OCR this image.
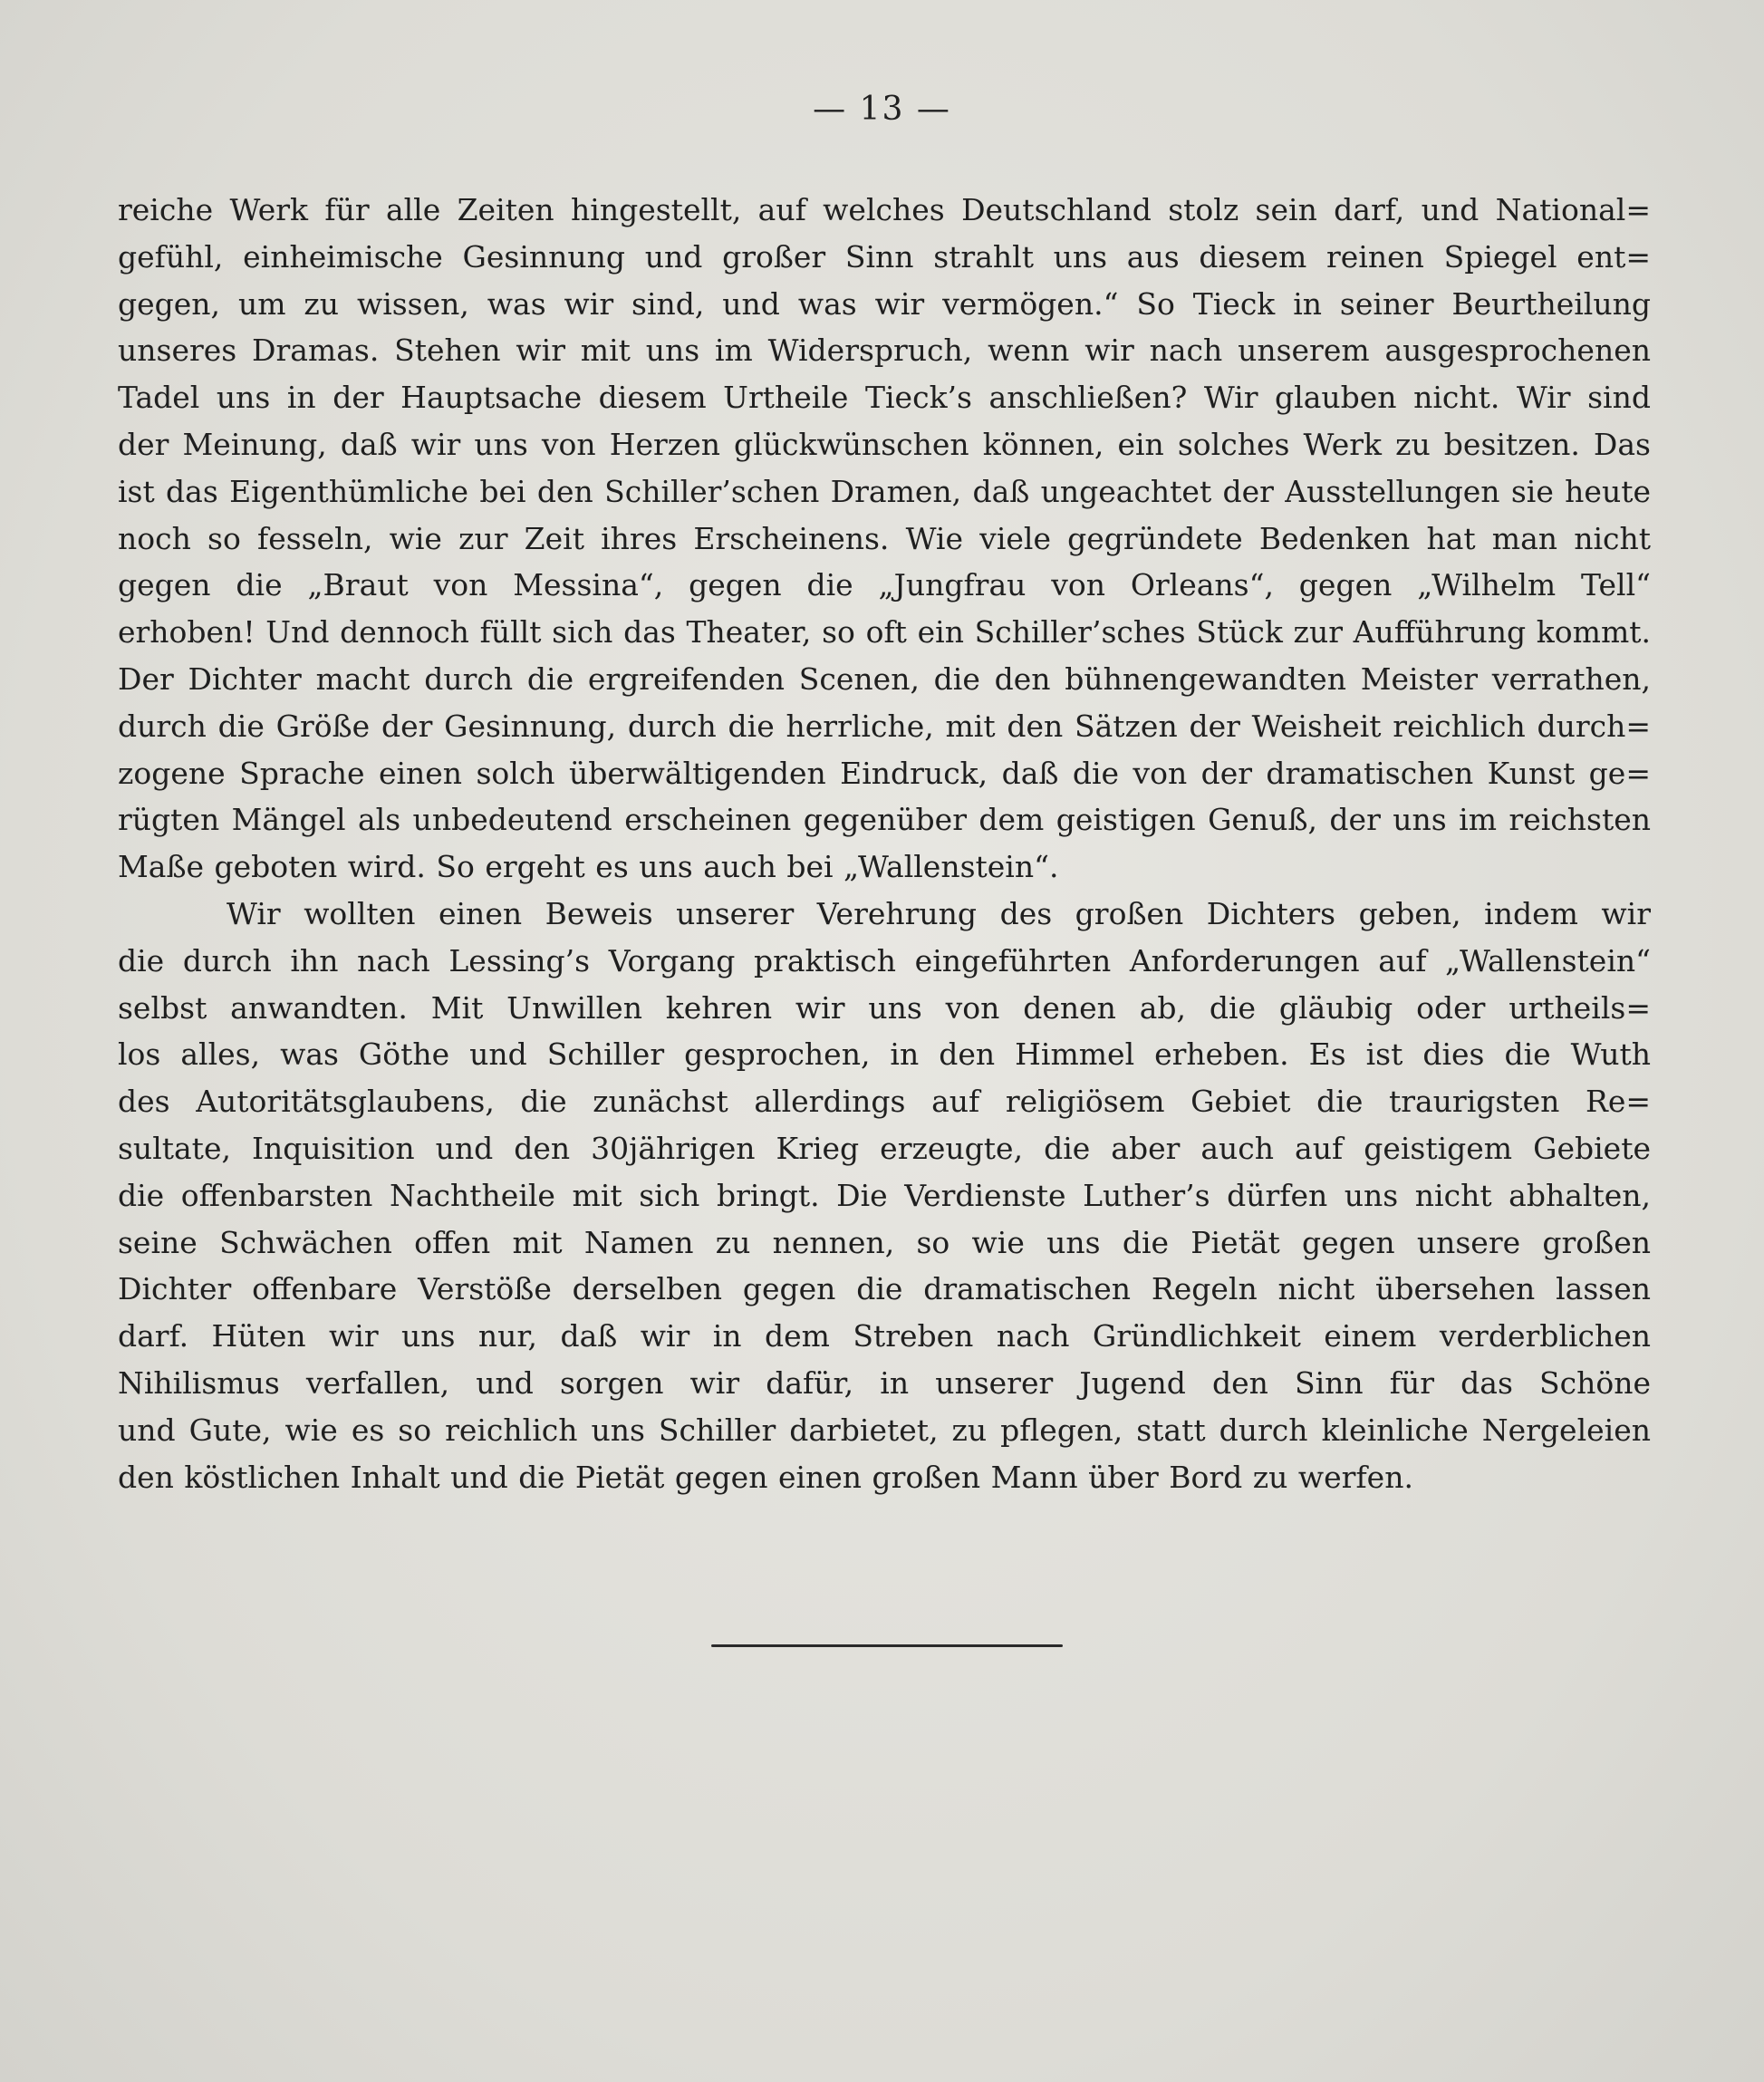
— 13 —
reiche Werk für alle Zeiten hingestellt, auf welches Deutschland stolz sein darf, und National=
gefühl, einheimische Gesinnung und großer Sinn strahlt uns aus diesem reinen Spiegel ent=
gegen, um zu wissen, was wir sind, und was wir vermögen.“ So Tieck in seiner Beurtheilung
unseres Dramas. Stehen wir mit uns im Widerspruch, wenn wir nach unserem ausgesprochenen
Tadel uns in der Hauptsache diesem Urtheile Tieck’s anschließen? Wir glauben nicht. Wir sind
der Meinung, daß wir uns von Herzen glückwünschen können, ein solches Werk zu besitzen. Das
ist das Eigenthümliche bei den Schiller’schen Dramen, daß ungeachtet der Ausstellungen sie heute
noch so fesseln, wie zur Zeit ihres Erscheinens. Wie viele gegründete Bedenken hat man nicht
gegen die „Braut von Messina“, gegen die „Jungfrau von Orleans“, gegen „Wilhelm Tell“
erhoben! Und dennoch füllt sich das Theater, so oft ein Schiller’sches Stück zur Aufführung kommt.
Der Dichter macht durch die ergreifenden Scenen, die den bühnengewandten Meister verrathen,
durch die Größe der Gesinnung, durch die herrliche, mit den Sätzen der Weisheit reichlich durch=
zogene Sprache einen solch überwältigenden Eindruck, daß die von der dramatischen Kunst ge=
rügten Mängel als unbedeutend erscheinen gegenüber dem geistigen Genuß, der uns im reichsten
Maße geboten wird. So ergeht es uns auch bei „Wallenstein“.
Wir wollten einen Beweis unserer Verehrung des großen Dichters geben, indem wir
die durch ihn nach Lessing’s Vorgang praktisch eingeführten Anforderungen auf „Wallenstein“
selbst anwandten. Mit Unwillen kehren wir uns von denen ab, die gläubig oder urtheils=
los alles, was Göthe und Schiller gesprochen, in den Himmel erheben. Es ist dies die Wuth
des Autoritätsglaubens, die zunächst allerdings auf religiösem Gebiet die traurigsten Re=
sultate, Inquisition und den 30jährigen Krieg erzeugte, die aber auch auf geistigem Gebiete
die offenbarsten Nachtheile mit sich bringt. Die Verdienste Luther’s dürfen uns nicht abhalten,
seine Schwächen offen mit Namen zu nennen, so wie uns die Pietät gegen unsere großen
Dichter offenbare Verstöße derselben gegen die dramatischen Regeln nicht übersehen lassen
darf. Hüten wir uns nur, daß wir in dem Streben nach Gründlichkeit einem verderblichen
Nihilismus verfallen, und sorgen wir dafür, in unserer Jugend den Sinn für das Schöne
und Gute, wie es so reichlich uns Schiller darbietet, zu pflegen, statt durch kleinliche Nergeleien
den köstlichen Inhalt und die Pietät gegen einen großen Mann über Bord zu werfen.
